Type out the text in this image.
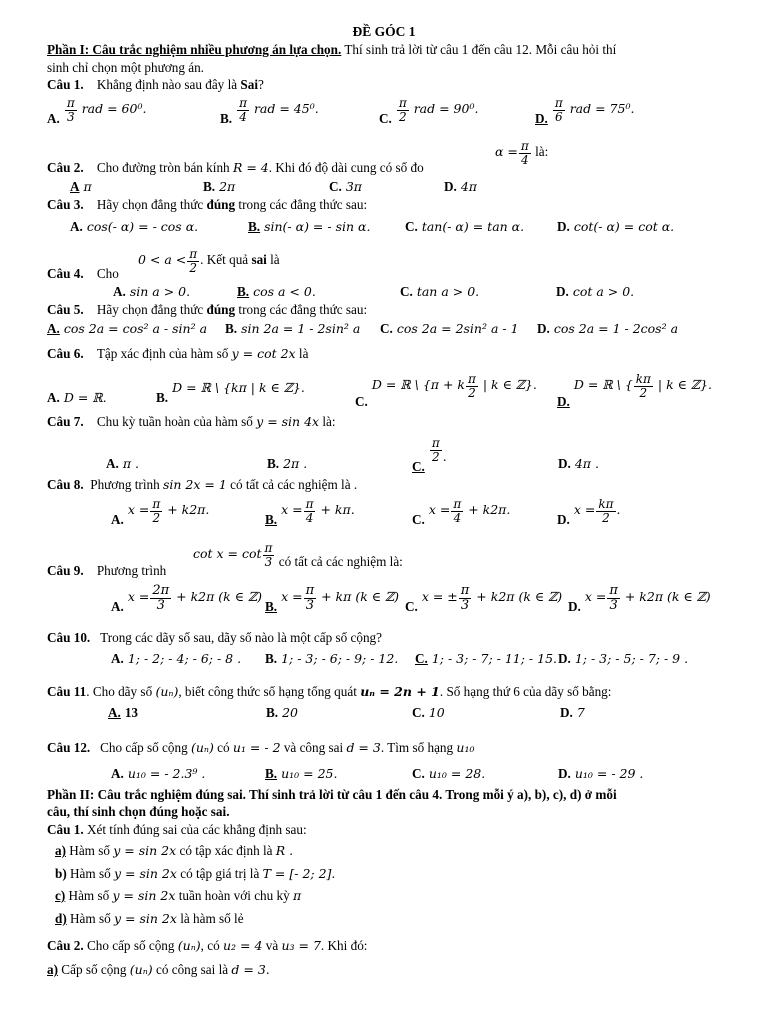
ĐỀ GÓC 1
Phần I: Câu trắc nghiệm nhiều phương án lựa chọn. Thí sinh trả lời từ câu 1 đến câu 12. Mỗi câu hỏi thí
sinh chỉ chọn một phương án.
Câu 1. Khẳng định nào sau đây là Sai?
A. $\frac{\pi}{3}$ rad = 60⁰.
B. $\frac{\pi}{4}$ rad = 45⁰.
C. $\frac{\pi}{2}$ rad = 90⁰.
D. $\frac{\pi}{6}$ rad = 75⁰.
Câu 2. Cho đường tròn bán kính R = 4. Khi đó độ dài cung có số đo
$\alpha = \frac{\pi}{4}$ là:
A π	B. 2π	C. 3π	D. 4π
Câu 3. Hãy chọn đẳng thức đúng trong các đẳng thức sau:
A. cos(- α) = - cos α.	B. sin(- α) = - sin α.	C. tan(- α) = tan α. D. cot(- α) = cot α.
Câu 4. Cho
$0 < a < \frac{\pi}{2}$ . Kết quả sai là
A. sin a > 0.	B. cos a < 0.	C. tan a > 0.	D. cot a > 0.
Câu 5. Hãy chọn đẳng thức đúng trong các đẳng thức sau:
A. cos 2a = cos² a - sin² a B. sin 2a = 1 - 2sin² a C. cos 2a = 2sin² a - 1 D. cos 2a = 1 - 2cos² a
Câu 6. Tập xác định của hàm số y = cot 2x là
A. D = ℝ.	B.D = ℝ \ {kπ | k ∈ ℤ}.
C.D = ℝ \ {π + k $\frac{\pi}{2}$ | k ∈ ℤ}.
D.D = ℝ \ { $\frac{k\pi}{2}$ | k ∈ ℤ}.
Câu 7. Chu kỳ tuần hoàn của hàm số y = sin 4x là:
A. π .	B. 2π .	C.
$\frac{\pi}{2}$ .	D. 4π .
Câu 8. Phương trình sin 2x = 1 có tất cả các nghiệm là .
$A.x = \frac{\pi}{2} + k2\pi$.
$B.x = \frac{\pi}{4} + k\pi$.
$C.x = \frac{\pi}{4} + k2\pi$.
$D.x = \frac{k\pi}{2}$ .
Câu 9. Phương trình
$\cot x = \cot \frac{\pi}{3}$ có tất cả các nghiệm là:
$A.x = \frac{2\pi}{3} + k2\pi$ (k ∈ ℤ)
$B.x = \frac{\pi}{3} + k\pi$ (k ∈ ℤ)
C.x = ± $\frac{\pi}{3} + k2\pi$ (k ∈ ℤ)
$D.x = \frac{\pi}{3} + k2\pi$ (k ∈ ℤ)
Câu 10. Trong các dãy số sau, dãy số nào là một cấp số cộng?
A. 1; - 2; - 4; - 6; - 8 . B. 1; - 3; - 6; - 9; - 12. C. 1; - 3; - 7; - 11; - 15. D. 1; - 3; - 5; - 7; - 9 .
Câu 11. Cho dãy số (uₙ), biết công thức số hạng tổng quát uₙ = 2n + 1. Số hạng thứ 6 của dãy số bằng:
A. 13	B. 20	C. 10	D. 7
Câu 12. Cho cấp số cộng (uₙ) có u₁ = - 2 và công sai d = 3. Tìm số hạng u₁₀
A. u₁₀ = - 2.3⁹ .	B. u₁₀ = 25.	C. u₁₀ = 28.	D. u₁₀ = - 29 .
Phần II: Câu trắc nghiệm đúng sai. Thí sinh trả lời từ câu 1 đến câu 4. Trong mỗi ý a), b), c), d) ở mỗi
câu, thí sinh chọn đúng hoặc sai.
Câu 1. Xét tính đúng sai của các khẳng định sau:
a) Hàm số y = sin 2x có tập xác định là R .
b) Hàm số y = sin 2x có tập giá trị là T = [- 2; 2].
c) Hàm số y = sin 2x tuần hoàn với chu kỳ π
d) Hàm số y = sin 2x là hàm số lẻ
Câu 2. Cho cấp số cộng (uₙ), có u₂ = 4 và u₃ = 7. Khi đó:
a) Cấp số cộng (uₙ) có công sai là d = 3.
